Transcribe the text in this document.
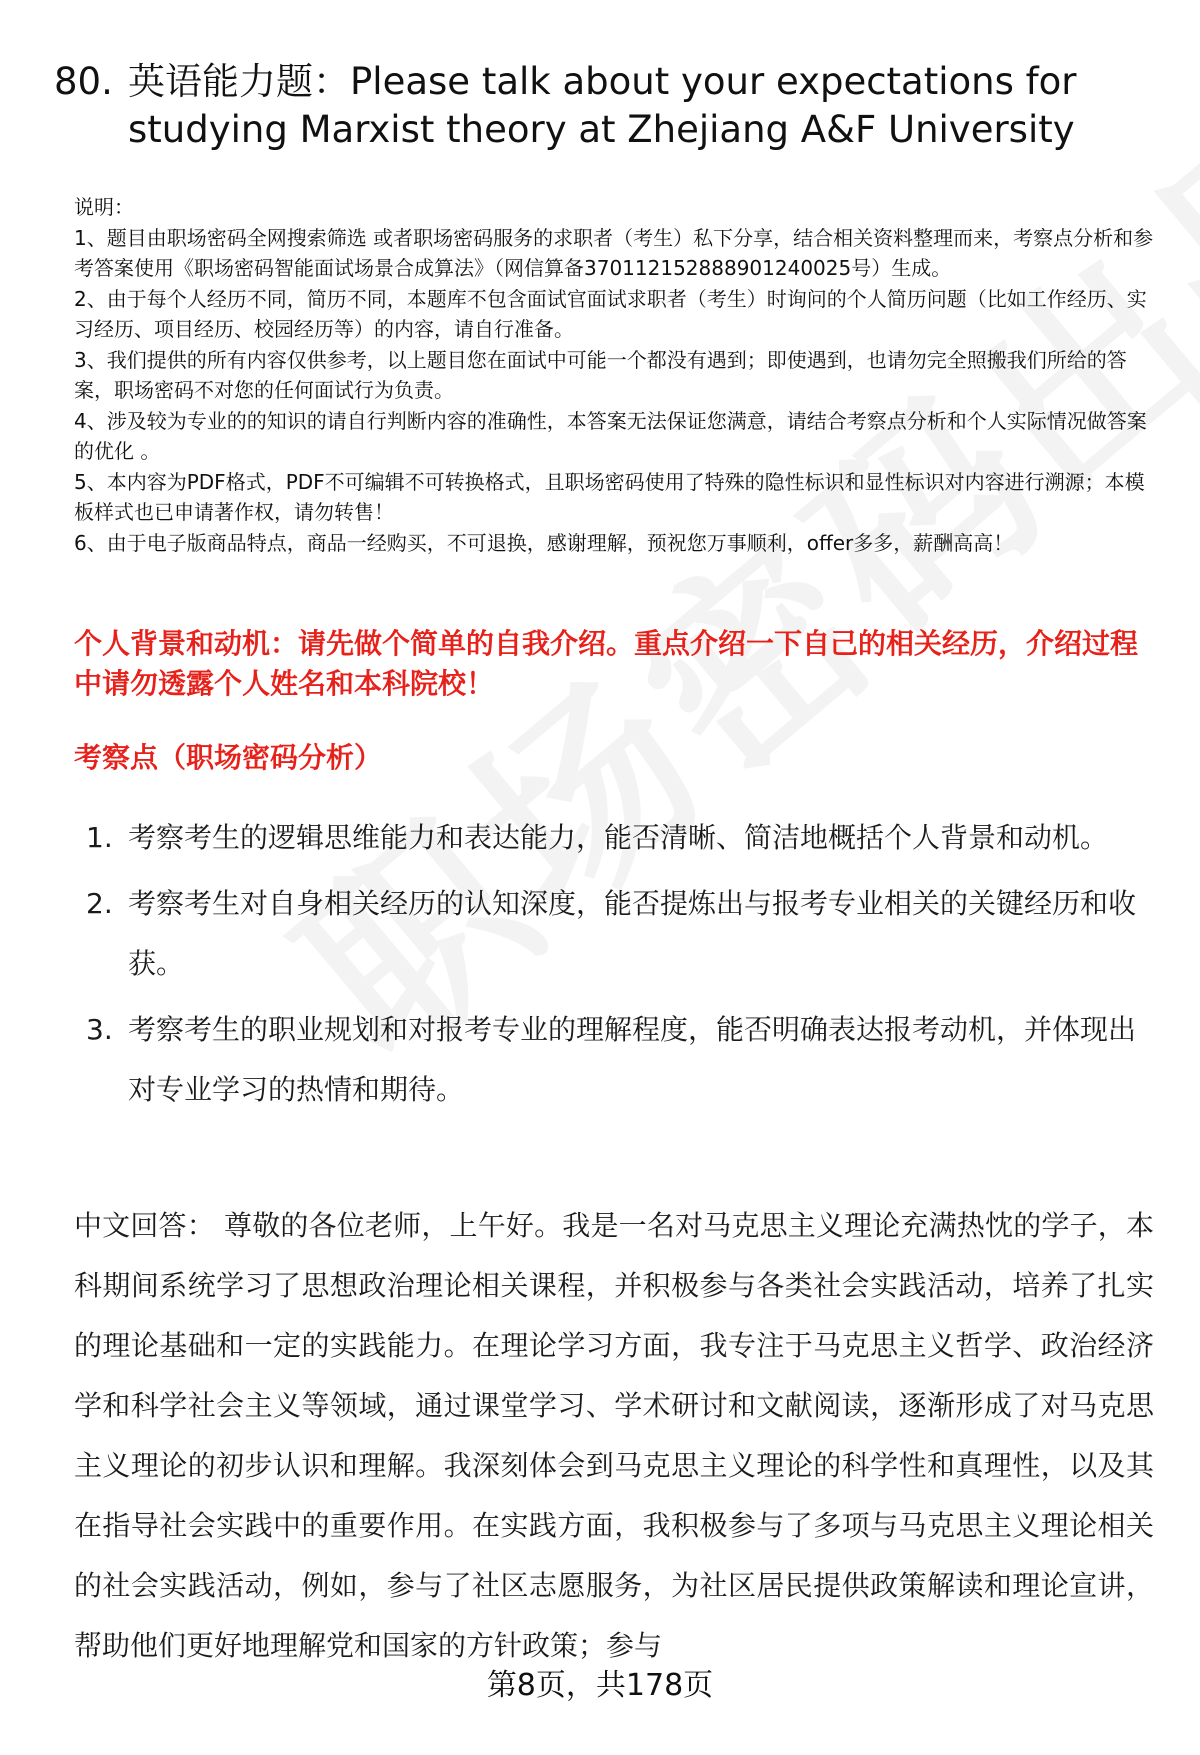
80. 英语能力题：Please talk about your expectations for studying Marxist theory at Zhejiang A&F University
说明：
1、题目由职场密码全网搜索筛选 或者职场密码服务的求职者（考生）私下分享，结合相关资料整理而来，考察点分析和参考答案使用《职场密码智能面试场景合成算法》（网信算备370112152888901240025号）生成。
2、由于每个人经历不同，简历不同，本题库不包含面试官面试求职者（考生）时询问的个人简历问题（比如工作经历、实习经历、项目经历、校园经历等）的内容，请自行准备。
3、我们提供的所有内容仅供参考，以上题目您在面试中可能一个都没有遇到；即使遇到，也请勿完全照搬我们所给的答案，职场密码不对您的任何面试行为负责。
4、涉及较为专业的的知识的请自行判断内容的准确性，本答案无法保证您满意，请结合考察点分析和个人实际情况做答案的优化 。
5、本内容为PDF格式，PDF不可编辑不可转换格式，且职场密码使用了特殊的隐性标识和显性标识对内容进行溯源；本模板样式也已申请著作权，请勿转售！
6、由于电子版商品特点，商品一经购买，不可退换，感谢理解，预祝您万事顺利，offer多多，薪酬高高！
个人背景和动机：请先做个简单的自我介绍。重点介绍一下自己的相关经历，介绍过程中请勿透露个人姓名和本科院校！
考察点（职场密码分析）
1. 考察考生的逻辑思维能力和表达能力，能否清晰、简洁地概括个人背景和动机。
2. 考察考生对自身相关经历的认知深度，能否提炼出与报考专业相关的关键经历和收获。
3. 考察考生的职业规划和对报考专业的理解程度，能否明确表达报考动机，并体现出对专业学习的热情和期待。
中文回答： 尊敬的各位老师，上午好。我是一名对马克思主义理论充满热忱的学子，本科期间系统学习了思想政治理论相关课程，并积极参与各类社会实践活动，培养了扎实的理论基础和一定的实践能力。在理论学习方面，我专注于马克思主义哲学、政治经济学和科学社会主义等领域，通过课堂学习、学术研讨和文献阅读，逐渐形成了对马克思主义理论的初步认识和理解。我深刻体会到马克思主义理论的科学性和真理性，以及其在指导社会实践中的重要作用。在实践方面，我积极参与了多项与马克思主义理论相关的社会实践活动，例如，参与了社区志愿服务，为社区居民提供政策解读和理论宣讲，帮助他们更好地理解党和国家的方针政策；参与
第8页，共178页
